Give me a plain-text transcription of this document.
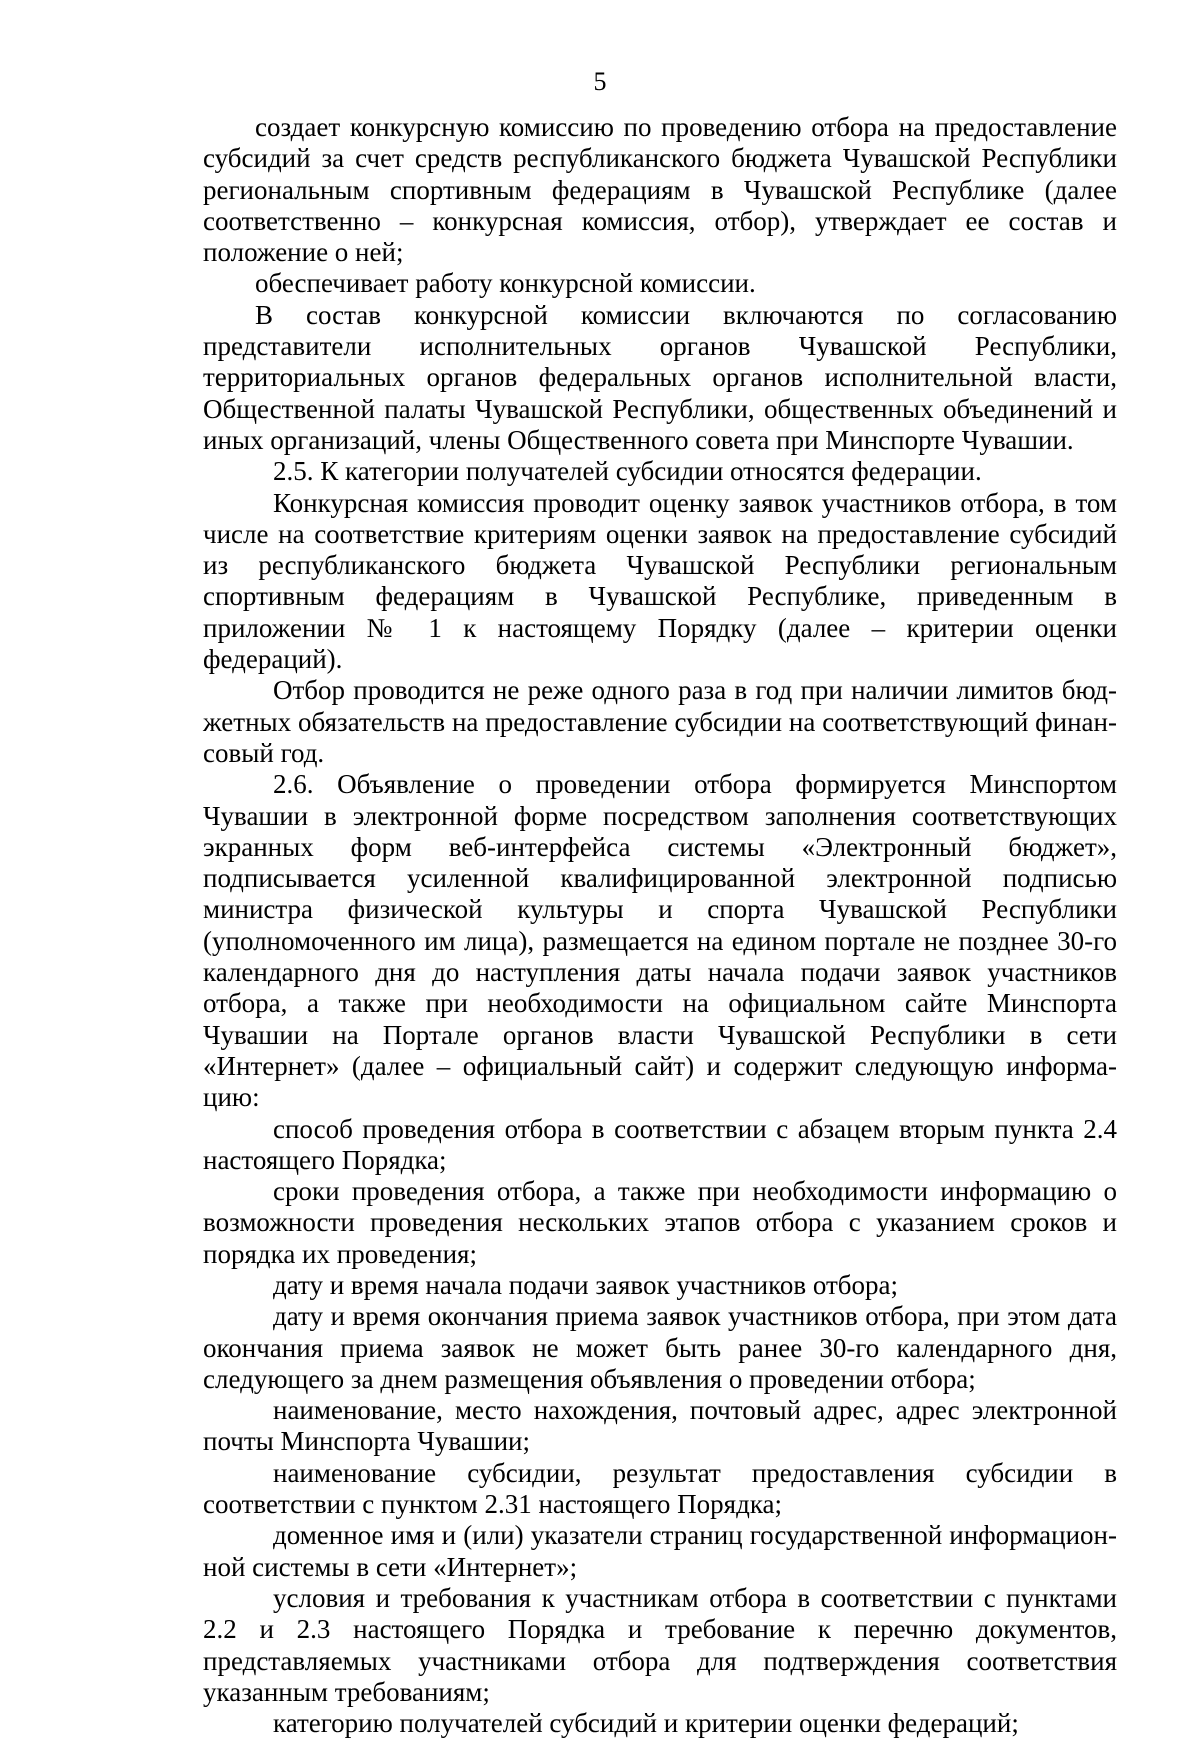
5

создает конкурсную комиссию по проведению отбора на предоставление субсидий за счет средств республиканского бюджета Чувашской Республики региональным спортивным федерациям в Чувашской Республике (далее соответственно – конкурсная комиссия, отбор), утверждает ее состав и положение о ней;

обеспечивает работу конкурсной комиссии.

В состав конкурсной комиссии включаются по согласованию представители исполнительных органов Чувашской Республики, территориальных органов федеральных органов исполнительной власти, Общественной палаты Чувашской Республики, общественных объединений и иных организаций, члены Общественного совета при Минспорте Чувашии.

2.5. К категории получателей субсидии относятся федерации.

Конкурсная комиссия проводит оценку заявок участников отбора, в том числе на соответствие критериям оценки заявок на предоставление субсидий из республиканского бюджета Чувашской Республики региональным спортивным федерациям в Чувашской Республике, приведенным в приложении № 1 к настоящему Порядку (далее – критерии оценки федераций).

Отбор проводится не реже одного раза в год при наличии лимитов бюджетных обязательств на предоставление субсидии на соответствующий финансовый год.

2.6. Объявление о проведении отбора формируется Минспортом Чувашии в электронной форме посредством заполнения соответствующих экранных форм веб-интерфейса системы «Электронный бюджет», подписывается усиленной квалифицированной электронной подписью министра физической культуры и спорта Чувашской Республики (уполномоченного им лица), размещается на едином портале не позднее 30-го календарного дня до наступления даты начала подачи заявок участников отбора, а также при необходимости на официальном сайте Минспорта Чувашии на Портале органов власти Чувашской Республики в сети «Интернет» (далее – официальный сайт) и содержит следующую информацию:

способ проведения отбора в соответствии с абзацем вторым пункта 2.4 настоящего Порядка;

сроки проведения отбора, а также при необходимости информацию о возможности проведения нескольких этапов отбора с указанием сроков и порядка их проведения;

дату и время начала подачи заявок участников отбора;

дату и время окончания приема заявок участников отбора, при этом дата окончания приема заявок не может быть ранее 30-го календарного дня, следующего за днем размещения объявления о проведении отбора;

наименование, место нахождения, почтовый адрес, адрес электронной почты Минспорта Чувашии;

наименование субсидии, результат предоставления субсидии в соответствии с пунктом 2.31 настоящего Порядка;

доменное имя и (или) указатели страниц государственной информационной системы в сети «Интернет»;

условия и требования к участникам отбора в соответствии с пунктами 2.2 и 2.3 настоящего Порядка и требование к перечню документов, представляемых участниками отбора для подтверждения соответствия указанным требованиям;

категорию получателей субсидий и критерии оценки федераций;
